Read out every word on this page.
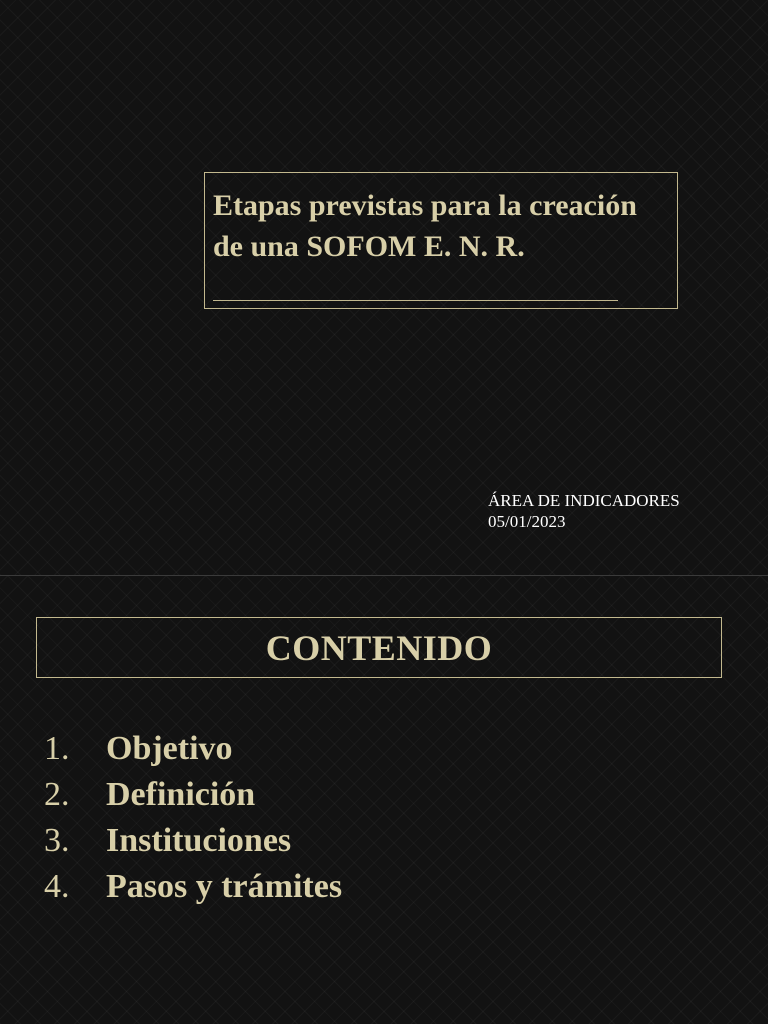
Etapas previstas para la creación de una SOFOM E. N. R.
ÁREA DE INDICADORES
05/01/2023
CONTENIDO
1.	Objetivo
2.	Definición
3.	Instituciones
4.	Pasos y trámites
